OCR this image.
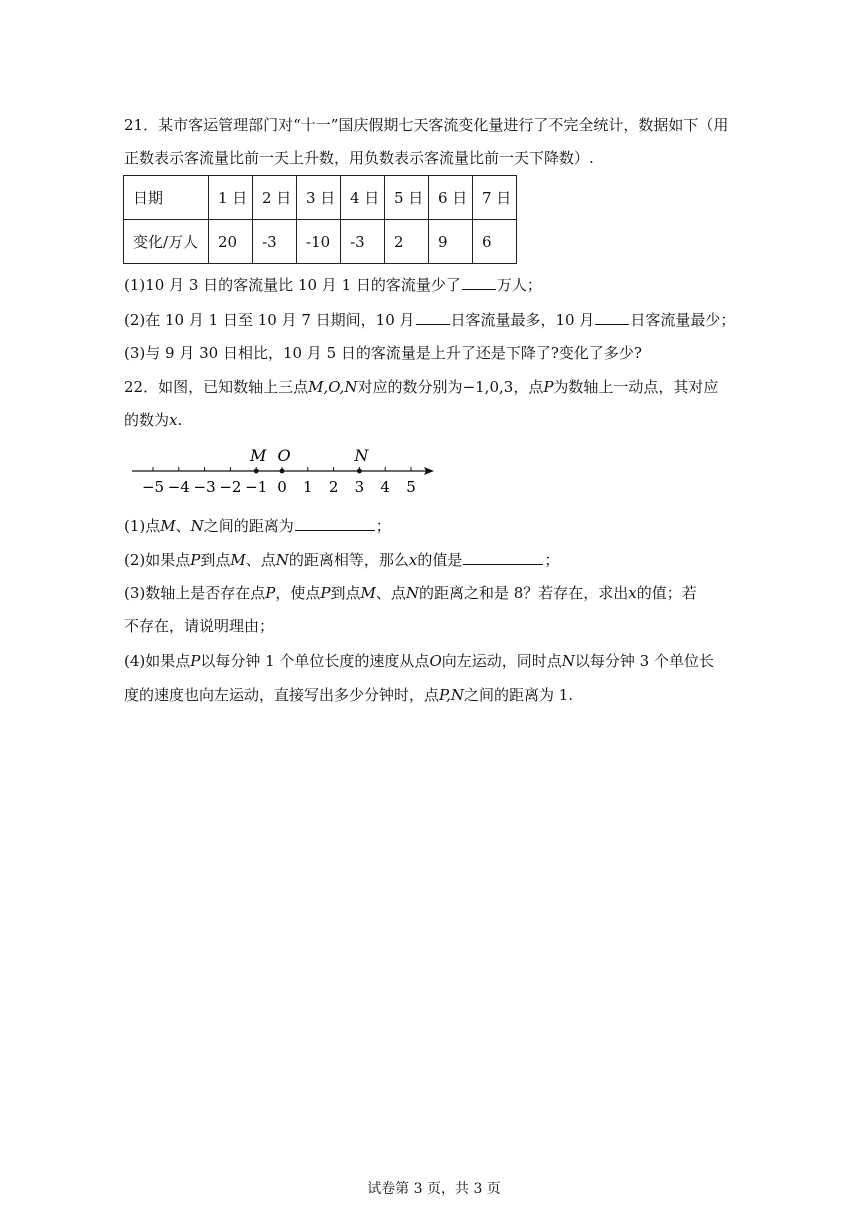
21．某市客运管理部门对“十一”国庆假期七天客流变化量进行了不完全统计，数据如下（用
正数表示客流量比前一天上升数，用负数表示客流量比前一天下降数）.
日期	1 日	2 日	3 日	4 日	5 日	6 日	7 日
变化/万人	20	-3	-10	-3	2	9	6
(1)10 月 3 日的客流量比 10 月 1 日的客流量少了 万人；
(2)在 10 月 1 日至 10 月 7 日期间，10 月 日客流量最多，10 月 日客流量最少；
(3)与 9 月 30 日相比，10 月 5 日的客流量是上升了还是下降了?变化了多少?
22．如图，已知数轴上三点M,O,N对应的数分别为−1,0,3，点P为数轴上一动点，其对应
的数为x.
−5 −4 −3 −2 −1 0 1 2 3 4 5
M O	N
(1)点M、N之间的距离为	；
(2)如果点P到点M、点N的距离相等，那么x的值是	；
(3)数轴上是否存在点P，使点P到点M、点N的距离之和是 8？若存在，求出x的值；若
不存在，请说明理由；
(4)如果点P以每分钟 1 个单位长度的速度从点O向左运动，同时点N以每分钟 3 个单位长
度的速度也向左运动，直接写出多少分钟时，点P,N之间的距离为 1.
试卷第 3 页，共 3 页
